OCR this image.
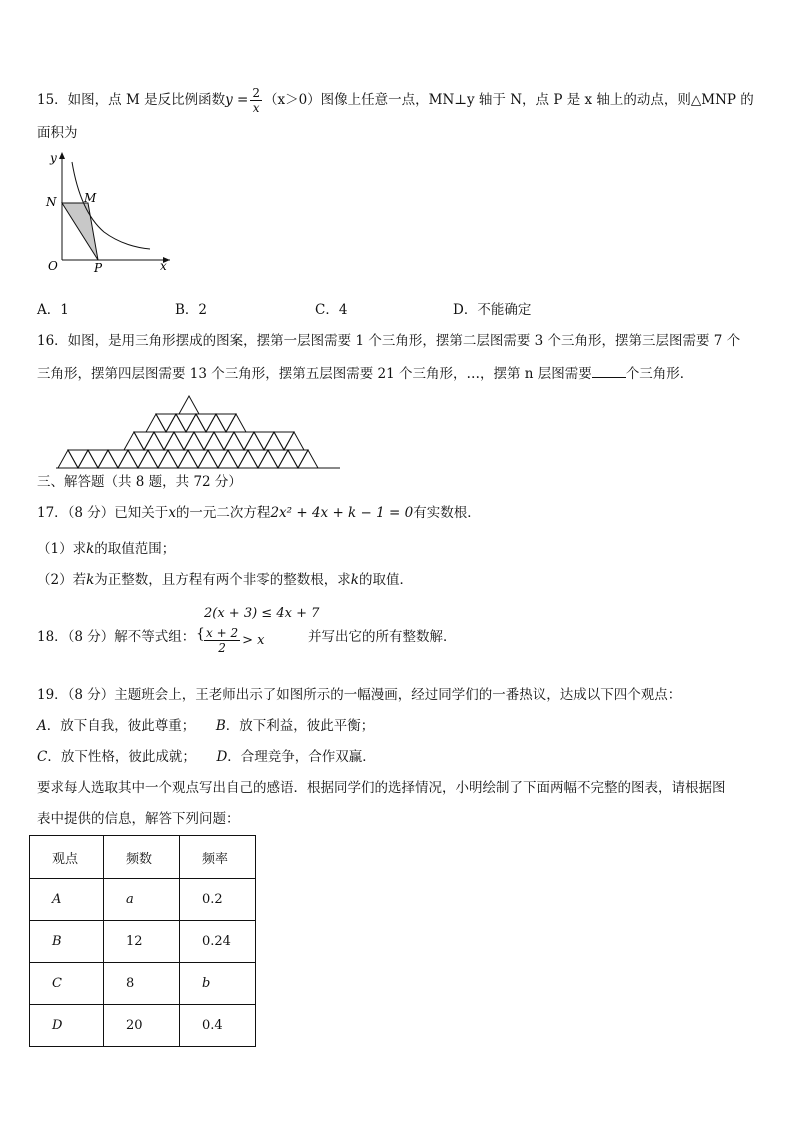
15．如图，点 M 是反比例函数$y = \frac{2}{x} (x>0)$图像上任意一点，MN⊥y 轴于 N，点 P 是 x 轴上的动点，则△MNP 的
面积为
y
N M
O	P	x
A．1	B．2	C．4	D．不能确定
16．如图，是用三角形摆成的图案，摆第一层图需要 1 个三角形，摆第二层图需要 3 个三角形，摆第三层图需要 7 个
三角形，摆第四层图需要 13 个三角形，摆第五层图需要 21 个三角形，…，摆第 n 层图需要	个三角形．
三、解答题（共 8 题，共 72 分）
17．（8 分）已知关于x的一元二次方程2x² + 4x + k − 1 = 0有实数根．
（1）求k的取值范围；
（2）若k为正整数，且方程有两个非零的整数根，求k的取值．
2(x + 3) ≤ 4x + 7
{ $\frac{x + 2}{2} > x$
18．（8 分）解不等式组：	并写出它的所有整数解．
19．（8 分）主题班会上，王老师出示了如图所示的一幅漫画，经过同学们的一番热议，达成以下四个观点：
A．放下自我，彼此尊重； B．放下利益，彼此平衡；
C．放下性格，彼此成就； D．合理竞争，合作双赢．
要求每人选取其中一个观点写出自己的感语．根据同学们的选择情况，小明绘制了下面两幅不完整的图表，请根据图
表中提供的信息，解答下列问题：
观点	频数	频率
A	a	0.2
B	12	0.24
C	8	b
D	20	0.4
